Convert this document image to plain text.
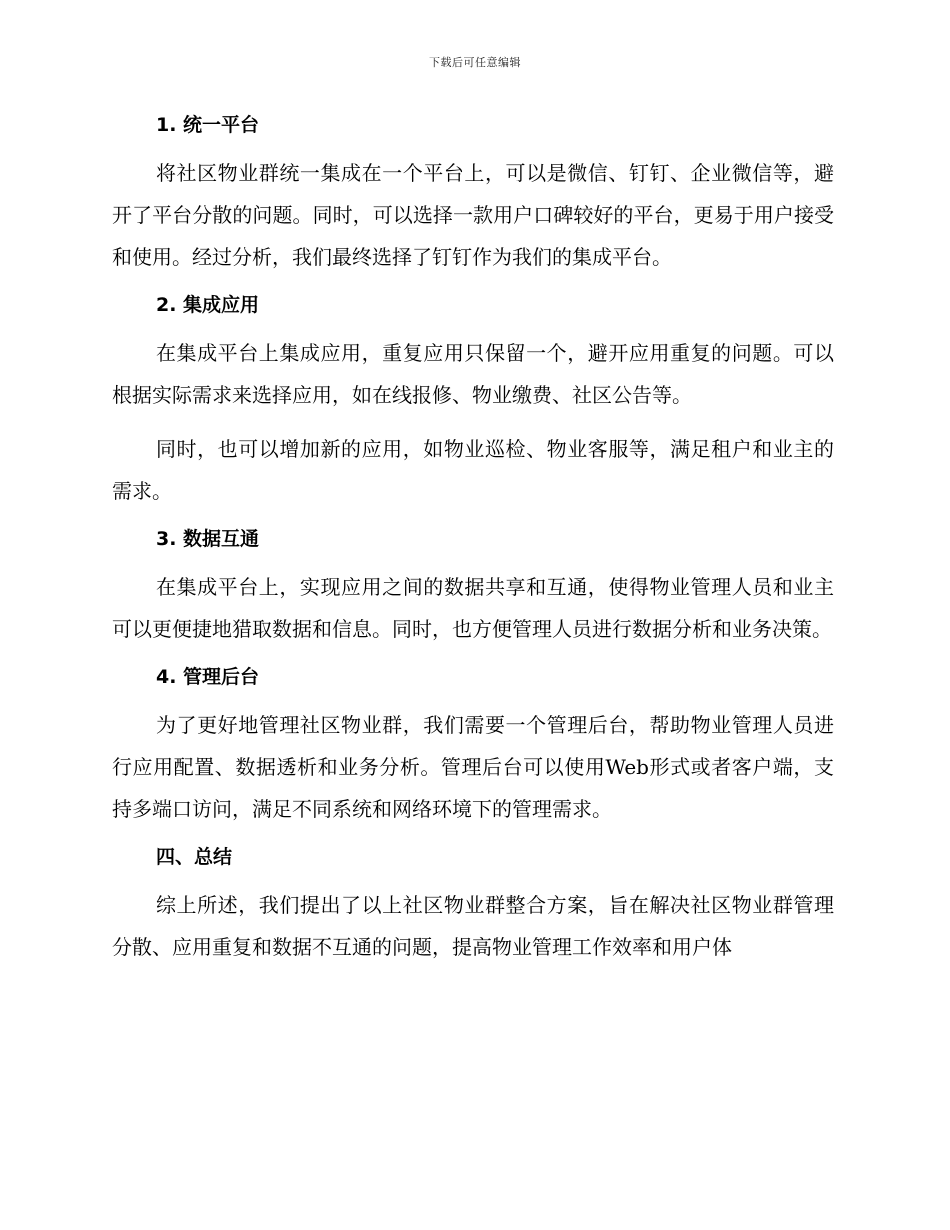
下载后可任意编辑
1. 统一平台

将社区物业群统一集成在一个平台上，可以是微信、钉钉、企业微信等，避开了平台分散的问题。同时，可以选择一款用户口碑较好的平台，更易于用户接受和使用。经过分析，我们最终选择了钉钉作为我们的集成平台。

2. 集成应用

在集成平台上集成应用，重复应用只保留一个，避开应用重复的问题。可以根据实际需求来选择应用，如在线报修、物业缴费、社区公告等。

同时，也可以增加新的应用，如物业巡检、物业客服等，满足租户和业主的需求。

3. 数据互通

在集成平台上，实现应用之间的数据共享和互通，使得物业管理人员和业主可以更便捷地猎取数据和信息。同时，也方便管理人员进行数据分析和业务决策。

4. 管理后台

为了更好地管理社区物业群，我们需要一个管理后台，帮助物业管理人员进行应用配置、数据透析和业务分析。管理后台可以使用Web形式或者客户端，支持多端口访问，满足不同系统和网络环境下的管理需求。

四、总结

综上所述，我们提出了以上社区物业群整合方案，旨在解决社区物业群管理分散、应用重复和数据不互通的问题，提高物业管理工作效率和用户体
